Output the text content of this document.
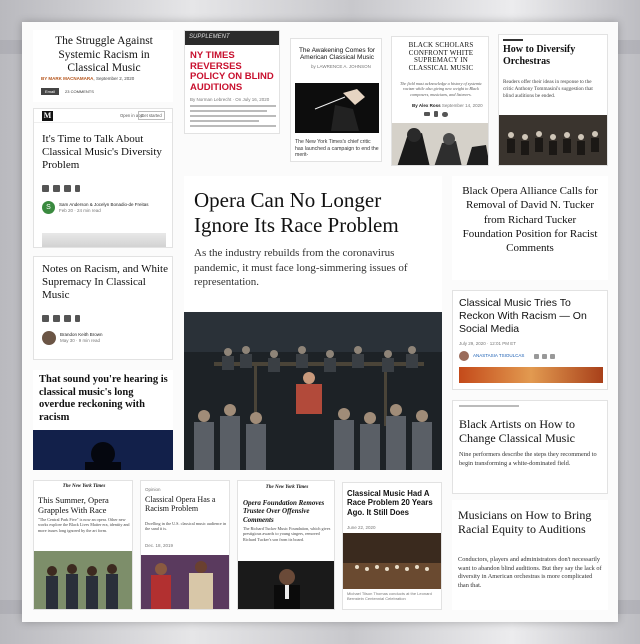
The Struggle Against Systemic Racism in Classical Music
BY MARK MACNAMARA, September 2, 2020
Email	23 COMMENTS
SUPPLEMENT
NY TIMES REVERSES POLICY ON BLIND AUDITIONS
By Norman Lebrecht · On July 16, 2020
The Awakening Comes for American Classical Music
by LAWRENCE A. JOHNSON
The New York Times's chief critic has launched a campaign to end the merit-
BLACK SCHOLARS CONFRONT WHITE SUPREMACY IN CLASSICAL MUSIC
The field must acknowledge a history of systemic racism while also giving new weight to Black composers, musicians, and listeners.
By Alex Ross September 14, 2020
How to Diversify Orchestras
Readers offer their ideas in response to the critic Anthony Tommasini's suggestion that blind auditions be ended.
M	Open in app
Get started
It's Time to Talk About Classical Music's Diversity Problem
S	Sam Anderson & Jocelyn Bonadio-de Freitas
Feb 20 · 24 min read	Opera Can No Longer Ignore Its Race Problem
As the industry rebuilds from the coronavirus pandemic, it must face long-simmering issues of representation.
Black Opera Alliance Calls for Removal of David N. Tucker from Richard Tucker Foundation Position for Racist Comments
Notes on Racism, and White Supremacy In Classical Music
Brandon Keith Brown
May 30 · 9 min read
Classical Music Tries To Reckon With Racism — On Social Media
July 29, 2020 · 12:01 PM ET
ANASTASIA TSIOULCAS
That sound you're hearing is classical music's long overdue reckoning with racism	Black Artists on How to Change Classical Music
Nine performers describe the steps they recommend to begin transforming a white-dominated field.
The New York Times
This Summer, Opera Grapples With Race
"The Central Park Five" is now an opera. Other new works explore the Black Lives Matter era, identity and more issues long ignored by the art form.
Opinion
Classical Opera Has a Racism Problem
Dwelling in the U.S. classical music audience in the sand it is.
Dec. 18, 2019
The New York Times
Opera Foundation Removes Trustee Over Offensive Comments
The Richard Tucker Music Foundation, which gives prestigious awards to young singers, removed Richard Tucker's son from its board.
Classical Music Had A Race Problem 20 Years Ago. It Still Does
June 22, 2020
Michael Tilson Thomas conducts at the Leonard Bernstein Centennial Celebration
Musicians on How to Bring Racial Equity to Auditions
Conductors, players and administrators don't necessarily want to abandon blind auditions. But they say the lack of diversity in American orchestras is more complicated than that.
